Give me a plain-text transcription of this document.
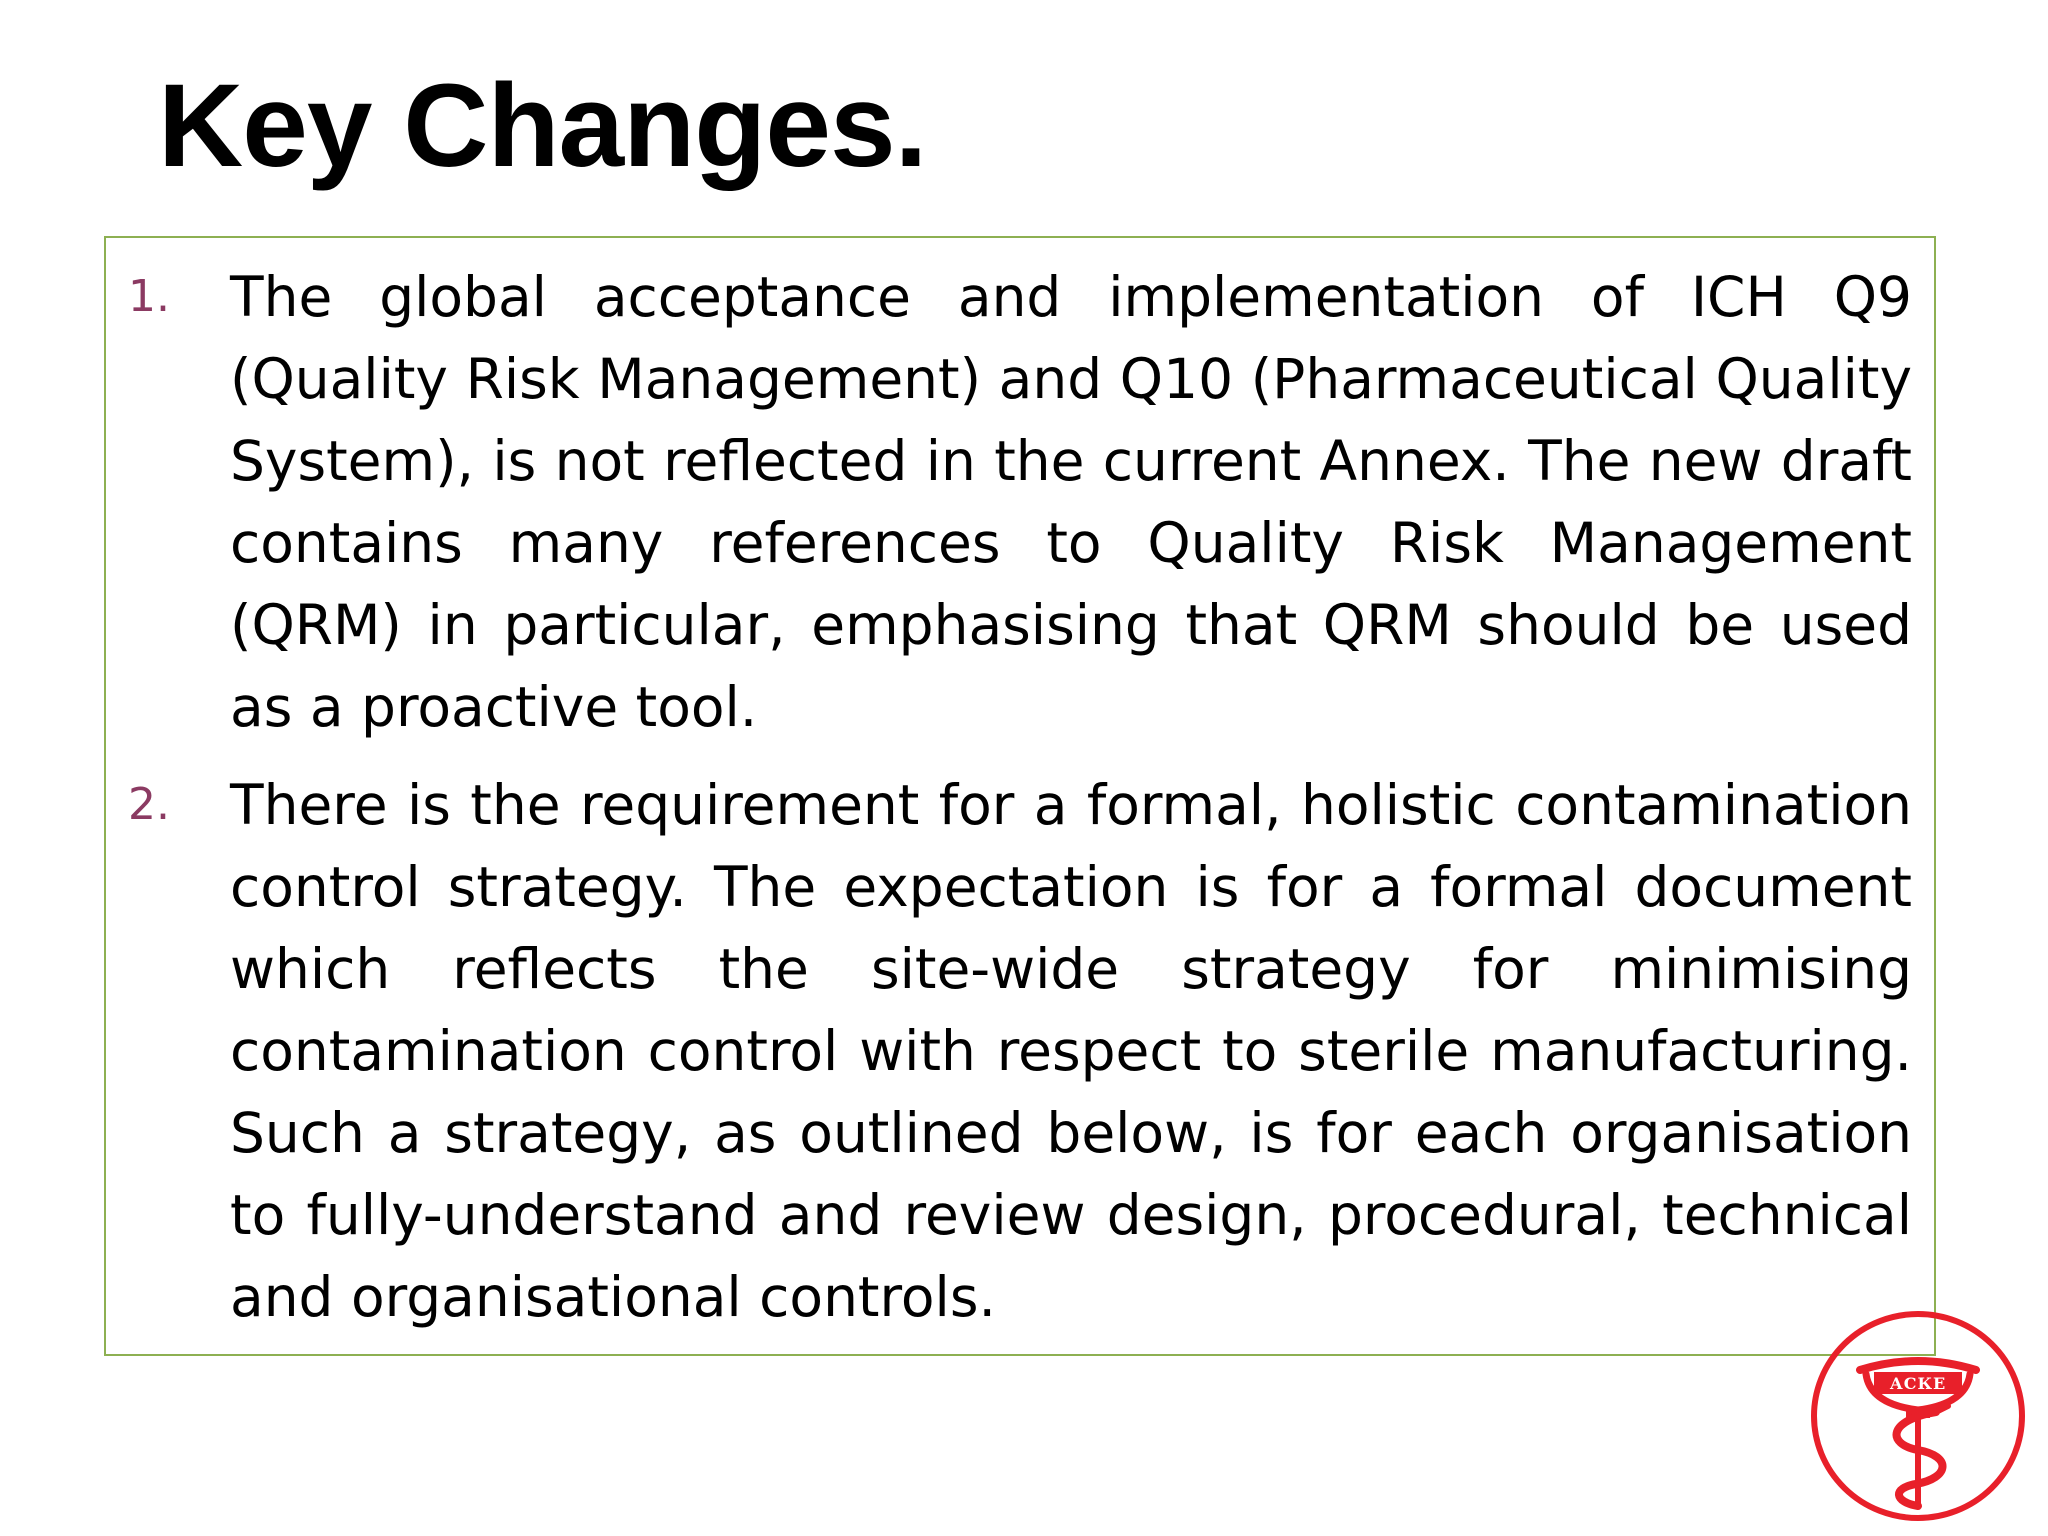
Key Changes.
1. The global acceptance and implementation of ICH Q9 (Quality Risk Management) and Q10 (Pharmaceutical Quality System), is not reflected in the current Annex. The new draft contains many references to Quality Risk Management (QRM) in particular, emphasising that QRM should be used as a proactive tool.
2. There is the requirement for a formal, holistic contamination control strategy. The expectation is for a formal document which reflects the site-wide strategy for minimising contamination control with respect to sterile manufacturing. Such a strategy, as outlined below, is for each organisation to fully-understand and review design, procedural, technical and organisational controls.
АСКЕ
